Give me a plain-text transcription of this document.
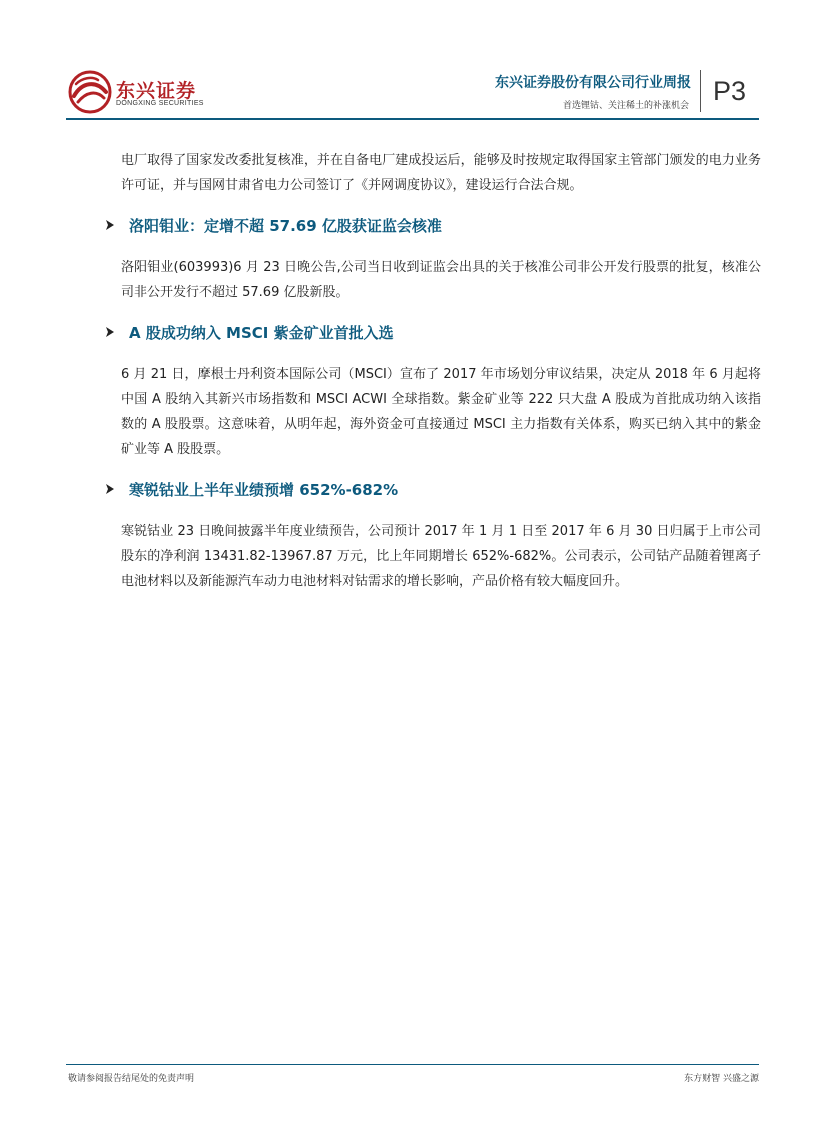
东兴证券
DONGXING SECURITIES
东兴证券股份有限公司行业周报
首选锂钴、关注稀土的补涨机会 P3

电厂取得了国家发改委批复核准，并在自备电厂建成投运后，能够及时按规定取得国家主管部门颁发的电力业务许可证，并与国网甘肃省电力公司签订了《并网调度协议》，建设运行合法合规。

洛阳钼业：定增不超 57.69 亿股获证监会核准

洛阳钼业(603993)6 月 23 日晚公告,公司当日收到证监会出具的关于核准公司非公开发行股票的批复，核准公司非公开发行不超过 57.69 亿股新股。

A 股成功纳入 MSCI 紫金矿业首批入选

6 月 21 日，摩根士丹利资本国际公司（MSCI）宣布了 2017 年市场划分审议结果，决定从 2018 年 6 月起将中国 A 股纳入其新兴市场指数和 MSCI ACWI 全球指数。紫金矿业等 222 只大盘 A 股成为首批成功纳入该指数的 A 股股票。这意味着，从明年起，海外资金可直接通过 MSCI 主力指数有关体系，购买已纳入其中的紫金矿业等 A 股股票。

寒锐钴业上半年业绩预增 652%-682%

寒锐钴业 23 日晚间披露半年度业绩预告，公司预计 2017 年 1 月 1 日至 2017 年 6 月 30 日归属于上市公司股东的净利润 13431.82-13967.87 万元，比上年同期增长 652%-682%。公司表示，公司钴产品随着锂离子电池材料以及新能源汽车动力电池材料对钴需求的增长影响，产品价格有较大幅度回升。

敬请参阅报告结尾处的免责声明	东方财智 兴盛之源
